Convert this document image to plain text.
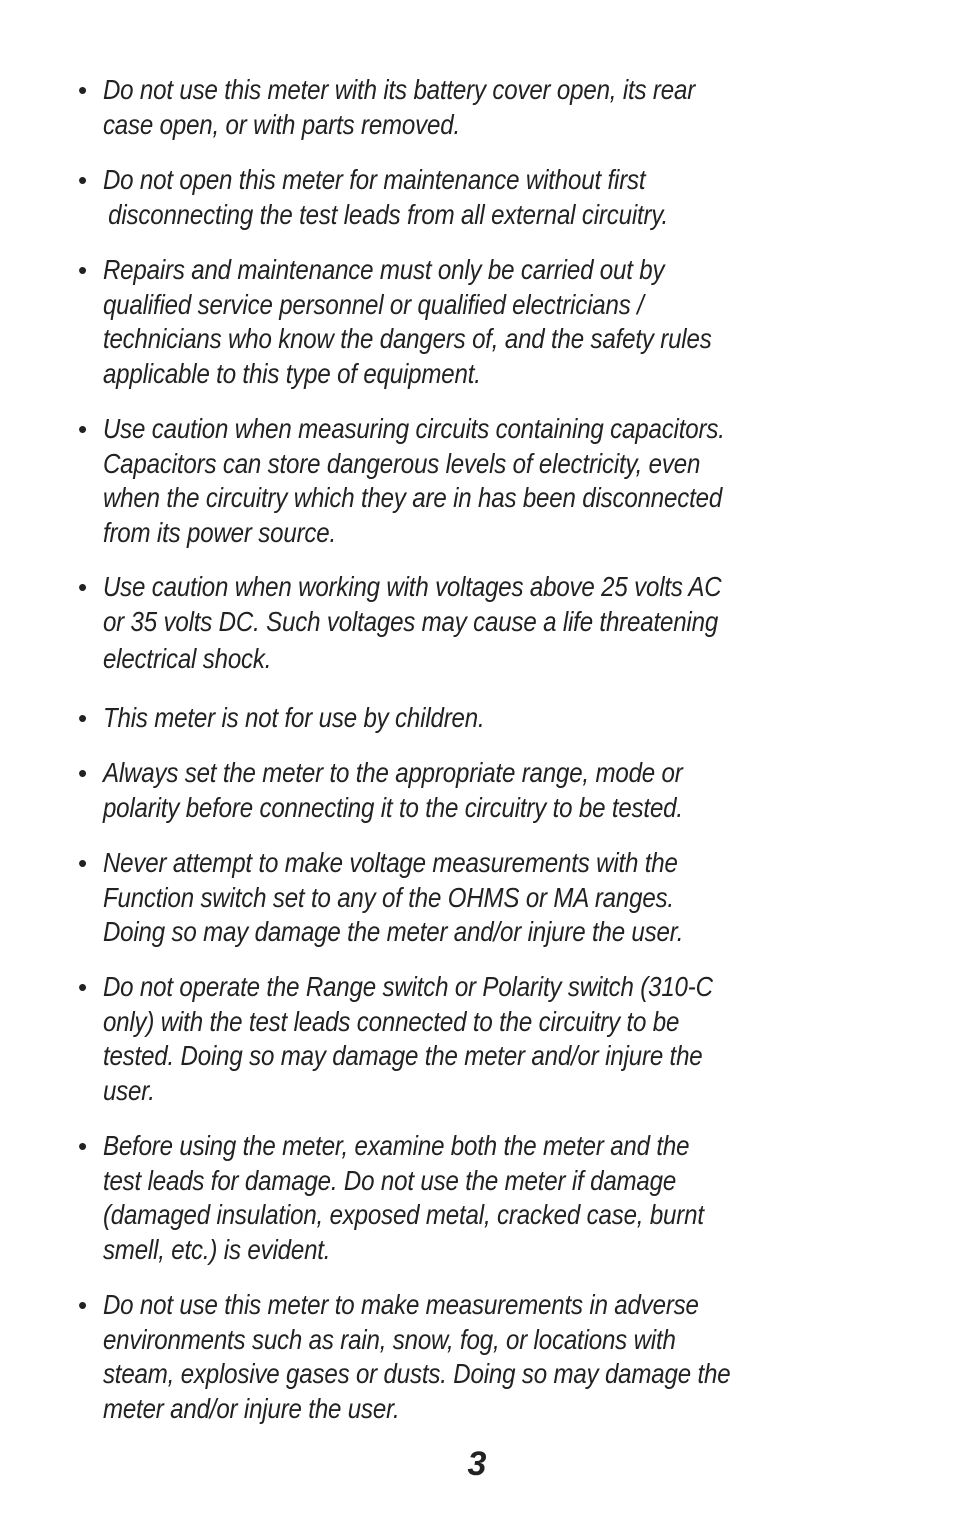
• Do not use this meter with its battery cover open, its rear
case open, or with parts removed.
• Do not open this meter for maintenance without first
disconnecting the test leads from all external circuitry.
• Repairs and maintenance must only be carried out by
qualified service personnel or qualified electricians /
technicians who know the dangers of, and the safety rules
applicable to this type of equipment.
• Use caution when measuring circuits containing capacitors.
Capacitors can store dangerous levels of electricity, even
when the circuitry which they are in has been disconnected
from its power source.
• Use caution when working with voltages above 25 volts AC
or 35 volts DC. Such voltages may cause a life threatening
electrical shock.
• This meter is not for use by children.
• Always set the meter to the appropriate range, mode or
polarity before connecting it to the circuitry to be tested.
• Never attempt to make voltage measurements with the
Function switch set to any of the OHMS or MA ranges.
Doing so may damage the meter and/or injure the user.
• Do not operate the Range switch or Polarity switch (310-C
only) with the test leads connected to the circuitry to be
tested. Doing so may damage the meter and/or injure the
user.
• Before using the meter, examine both the meter and the
test leads for damage. Do not use the meter if damage
(damaged insulation, exposed metal, cracked case, burnt
smell, etc.) is evident.
• Do not use this meter to make measurements in adverse
environments such as rain, snow, fog, or locations with
steam, explosive gases or dusts. Doing so may damage the
meter and/or injure the user.
3
